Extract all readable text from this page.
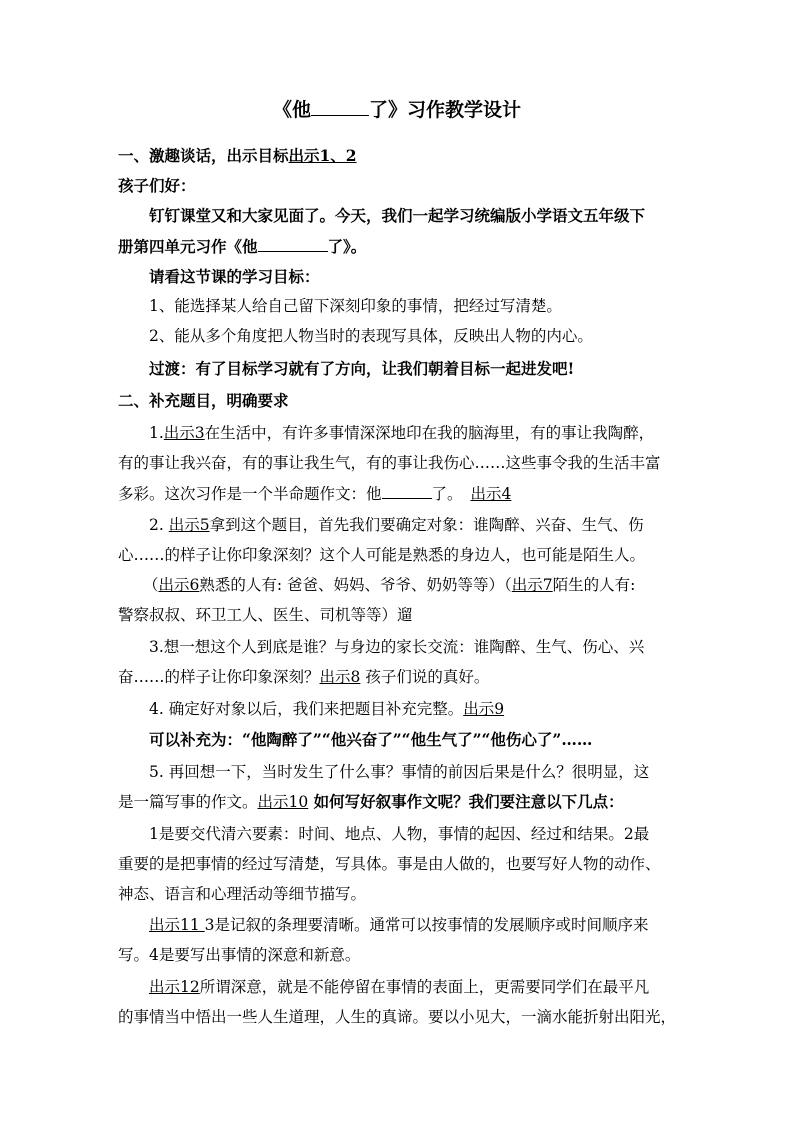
《他	了》习作教学设计
一、激趣谈话，出示目标出示1、2
孩子们好：
钉钉课堂又和大家见面了。今天，我们一起学习统编版小学语文五年级下
册第四单元习作《他	了》。
请看这节课的学习目标：
1、能选择某人给自己留下深刻印象的事情，把经过写清楚。
2、能从多个角度把人物当时的表现写具体，反映出人物的内心。
过渡：有了目标学习就有了方向，让我们朝着目标一起进发吧!
二、补充题目，明确要求
1.出示3在生活中，有许多事情深深地印在我的脑海里，有的事让我陶醉，
有的事让我兴奋，有的事让我生气，有的事让我伤心……这些事令我的生活丰富
多彩。这次习作是一个半命题作文：他	了。 出示4
2. 出示5拿到这个题目，首先我们要确定对象：谁陶醉、兴奋、生气、伤
心……的样子让你印象深刻？这个人可能是熟悉的身边人，也可能是陌生人。
（出示6熟悉的人有: 爸爸、妈妈、爷爷、奶奶等等）（出示7陌生的人有:
警察叔叔、环卫工人、医生、司机等等）遛
3.想一想这个人到底是谁？与身边的家长交流：谁陶醉、生气、伤心、兴
奋……的样子让你印象深刻？出示8 孩子们说的真好。
4. 确定好对象以后，我们来把题目补充完整。出示9
可以补充为：“他陶醉了”“他兴奋了”“他生气了”“他伤心了”……
5. 再回想一下，当时发生了什么事？事情的前因后果是什么？很明显，这
是一篇写事的作文。出示10 如何写好叙事作文呢？我们要注意以下几点：
1是要交代清六要素：时间、地点、人物，事情的起因、经过和结果。2最
重要的是把事情的经过写清楚，写具体。事是由人做的，也要写好人物的动作、
神态、语言和心理活动等细节描写。
出示11 3是记叙的条理要清晰。通常可以按事情的发展顺序或时间顺序来
写。4是要写出事情的深意和新意。
出示12所谓深意，就是不能停留在事情的表面上，更需要同学们在最平凡
的事情当中悟出一些人生道理，人生的真谛。要以小见大，一滴水能折射出阳光，
